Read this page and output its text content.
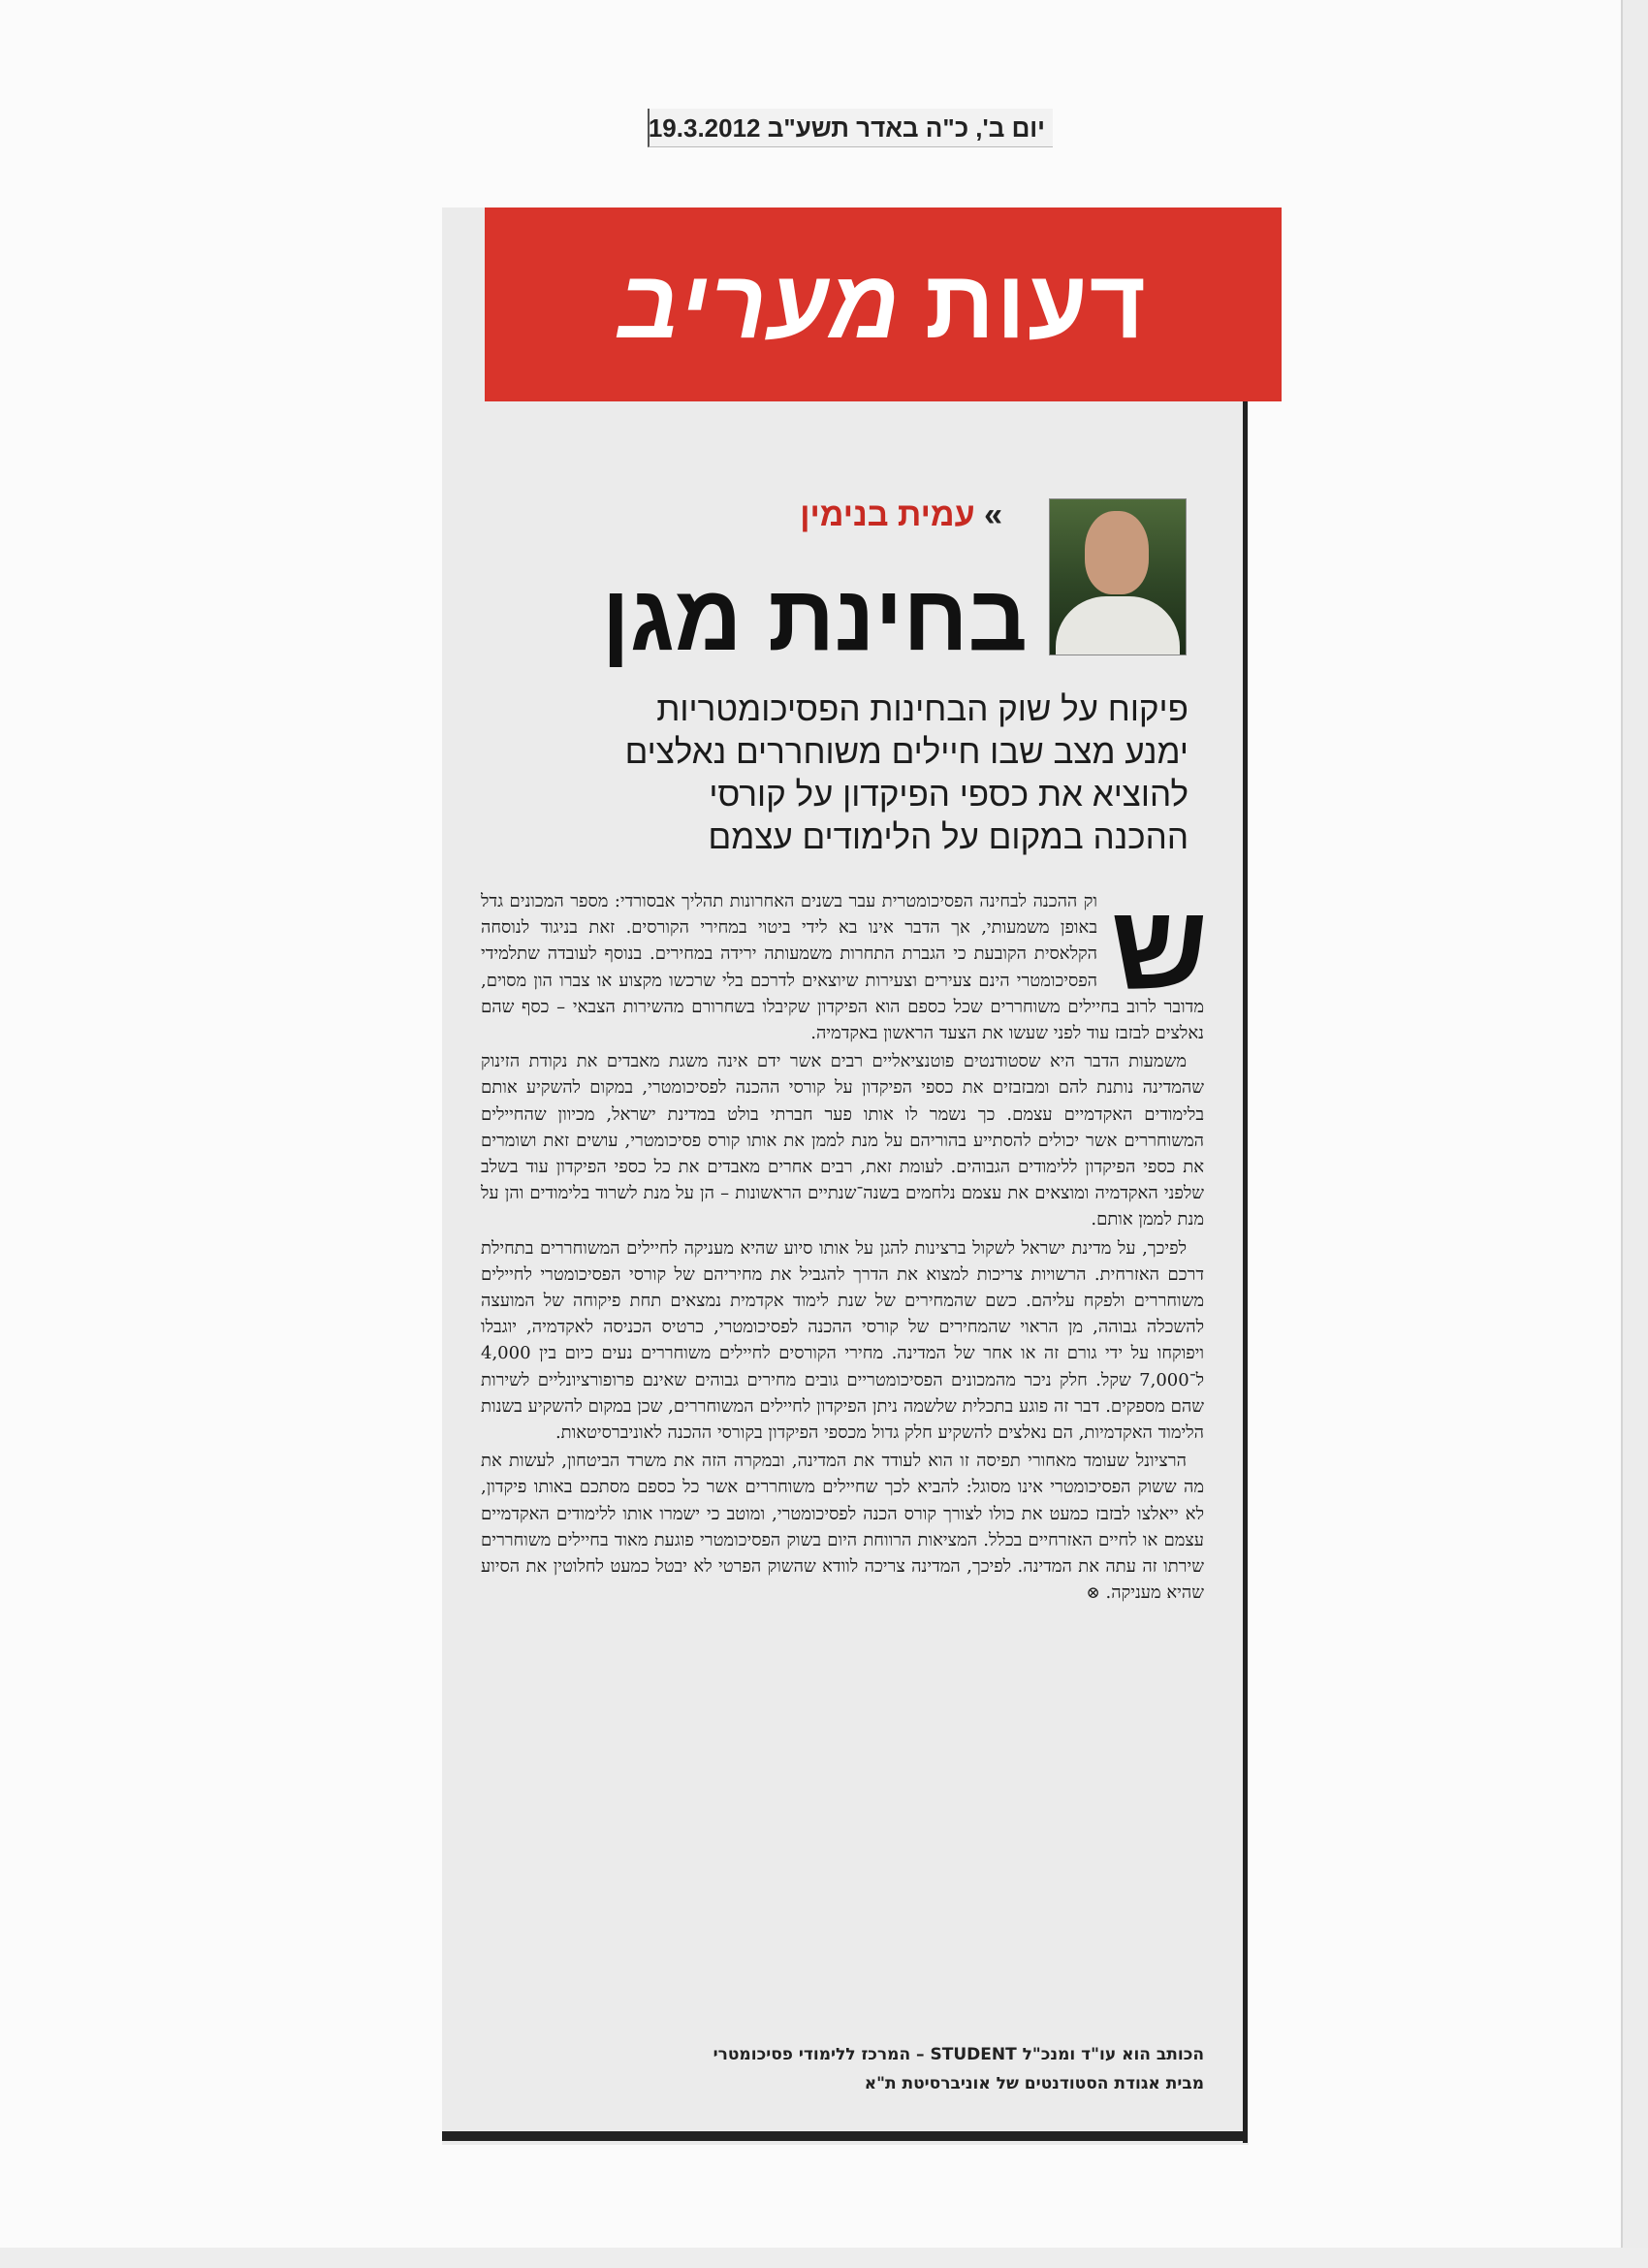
יום ב', כ"ה באדר תשע"ב 19.3.2012
דעותמעריב
» עמית בנימין
בחינת מגן
פיקוח על שוק הבחינות הפסיכומטריות
ימנע מצב שבו חיילים משוחררים נאלצים
להוציא את כספי הפיקדון על קורסי
ההכנה במקום על הלימודים עצמם
ש

וק ההכנה לבחינה הפסיכומטרית עבר בשנים האחרונות תהליך אבסורדי: מספר המכונים גדל באופן משמעותי, אך הדבר אינו בא לידי ביטוי במחירי הקורסים. זאת בניגוד לנוסחה הקלאסית הקובעת כי הגברת התחרות משמעותה ירידה במחירים. בנוסף לעובדה שתלמידי הפסיכומטרי הינם צעירים וצעירות שיוצאים לדרכם בלי שרכשו מקצוע או צברו הון מסוים, מדובר לרוב בחיילים משוחררים שכל כספם הוא הפיקדון שקיבלו בשחרורם מהשירות הצבאי – כסף שהם נאלצים לבזבז עוד לפני שעשו את הצעד הראשון באקדמיה.

משמעות הדבר היא שסטודנטים פוטנציאליים רבים אשר ידם אינה משגת מאבדים את נקודת הזינוק שהמדינה נותנת להם ומבזבזים את כספי הפיקדון על קורסי ההכנה לפסיכומטרי, במקום להשקיע אותם בלימודים האקדמיים עצמם. כך נשמר לו אותו פער חברתי בולט במדינת ישראל, מכיוון שהחיילים המשוחררים אשר יכולים להסתייע בהוריהם על מנת לממן את אותו קורס פסיכומטרי, עושים זאת ושומרים את כספי הפיקדון ללימודים הגבוהים. לעומת זאת, רבים אחרים מאבדים את כל כספי הפיקדון עוד בשלב שלפני האקדמיה ומוצאים את עצמם נלחמים בשנה־שנתיים הראשונות – הן על מנת לשרוד בלימודים והן על מנת לממן אותם.

לפיכך, על מדינת ישראל לשקול ברצינות להגן על אותו סיוע שהיא מעניקה לחיילים המשוחררים בתחילת דרכם האזרחית. הרשויות צריכות למצוא את הדרך להגביל את מחיריהם של קורסי הפסיכומטרי לחיילים משוחררים ולפקח עליהם. כשם שהמחירים של שנת לימוד אקדמית נמצאים תחת פיקוחה של המועצה להשכלה גבוהה, מן הראוי שהמחירים של קורסי ההכנה לפסיכומטרי, כרטיס הכניסה לאקדמיה, יוגבלו ויפוקחו על ידי גורם זה או אחר של המדינה. מחירי הקורסים לחיילים משוחררים נעים כיום בין 4,000 ל־7,000 שקל. חלק ניכר מהמכונים הפסיכומטריים גובים מחירים גבוהים שאינם פרופורציונליים לשירות שהם מספקים. דבר זה פוגע בתכלית שלשמה ניתן הפיקדון לחיילים המשוחררים, שכן במקום להשקיע בשנות הלימוד האקדמיות, הם נאלצים להשקיע חלק גדול מכספי הפיקדון בקורסי ההכנה לאוניברסיטאות.

הרציונל שעומד מאחורי תפיסה זו הוא לעודד את המדינה, ובמקרה הזה את משרד הביטחון, לעשות את מה ששוק הפסיכומטרי אינו מסוגל: להביא לכך שחיילים משוחררים אשר כל כספם מסתכם באותו פיקדון, לא ייאלצו לבזבז כמעט את כולו לצורך קורס הכנה לפסיכומטרי, ומוטב כי ישמרו אותו ללימודים האקדמיים עצמם או לחיים האזרחיים בכלל. המציאות הרווחת היום בשוק הפסיכומטרי פוגעת מאוד בחיילים משוחררים שירתו זה עתה את המדינה. לפיכך, המדינה צריכה לוודא שהשוק הפרטי לא יבטל כמעט לחלוטין את הסיוע שהיא מעניקה. ⊗

הכותב הוא עו"ד ומנכ"ל STUDENT – המרכז ללימודי פסיכומטרי
מבית אגודת הסטודנטים של אוניברסיטת ת"א
